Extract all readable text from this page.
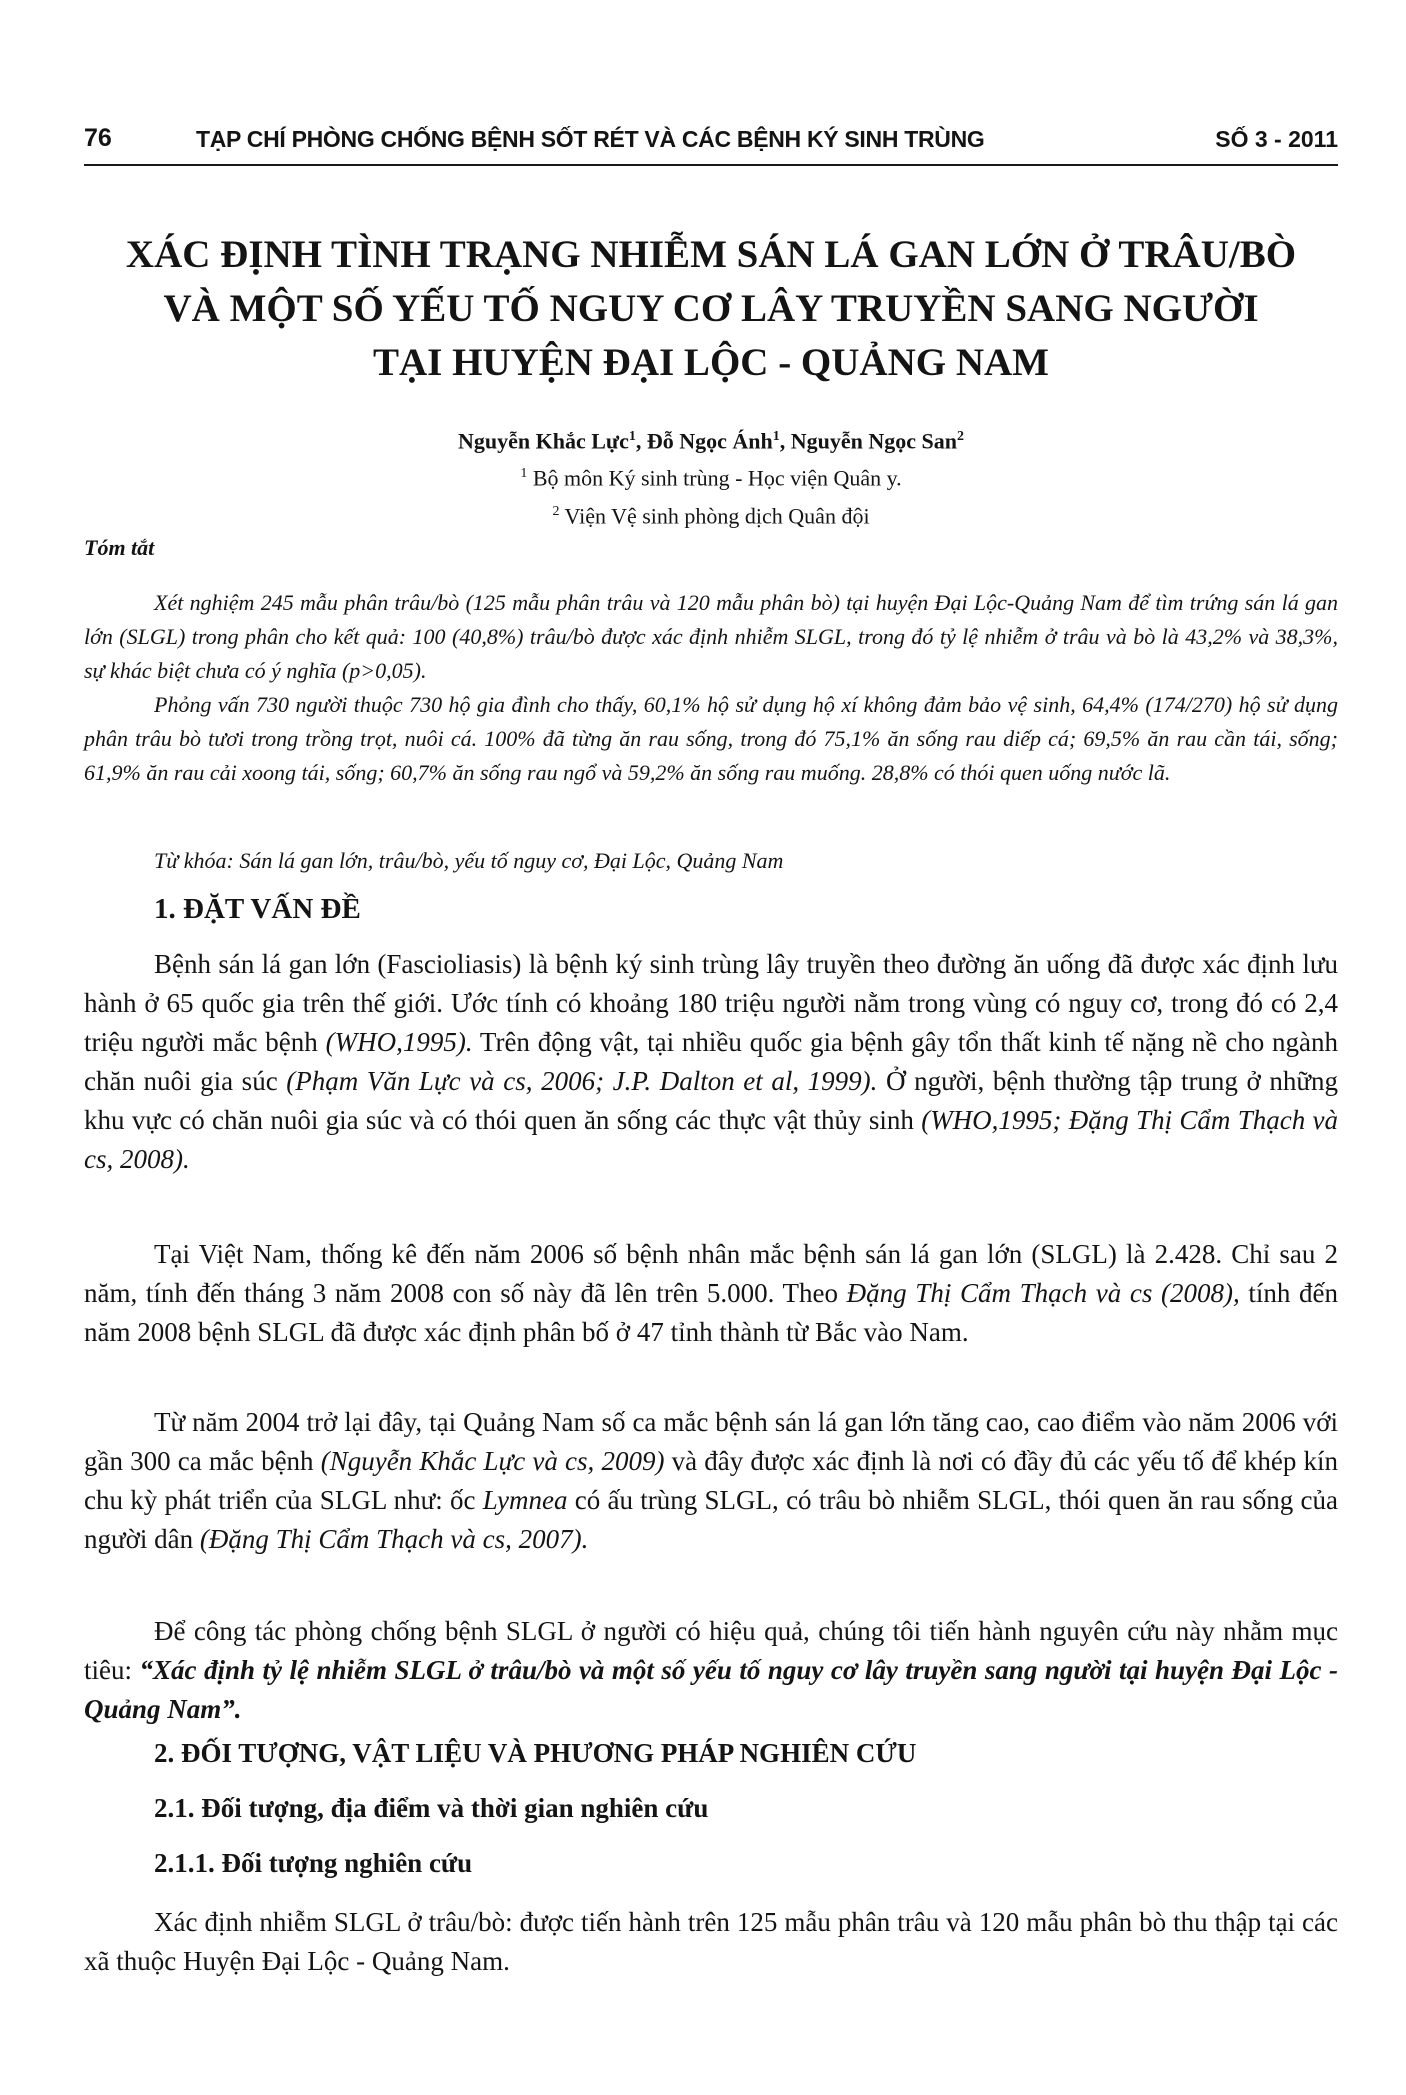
76	TẠP CHÍ PHÒNG CHỐNG BỆNH SỐT RÉT VÀ CÁC BỆNH KÝ SINH TRÙNG	SỐ 3 - 2011
XÁC ĐỊNH TÌNH TRẠNG NHIỄM SÁN LÁ GAN LỚN Ở TRÂU/BÒ
VÀ MỘT SỐ YẾU TỐ NGUY CƠ LÂY TRUYỀN SANG NGƯỜI
TẠI HUYỆN ĐẠI LỘC - QUẢNG NAM
Nguyễn Khắc Lực$^1$, Đỗ Ngọc Ánh$^1$, Nguyễn Ngọc San$^2$
$^1$ Bộ môn Ký sinh trùng - Học viện Quân y.
$^2$ Viện Vệ sinh phòng dịch Quân đội
Tóm tắt

Xét nghiệm 245 mẫu phân trâu/bò (125 mẫu phân trâu và 120 mẫu phân bò) tại huyện Đại Lộc-Quảng Nam để tìm trứng sán lá gan lớn (SLGL) trong phân cho kết quả: 100 (40,8%) trâu/bò được xác định nhiễm SLGL, trong đó tỷ lệ nhiễm ở trâu và bò là 43,2% và 38,3%, sự khác biệt chưa có ý nghĩa (p>0,05).

Phỏng vấn 730 người thuộc 730 hộ gia đình cho thấy, 60,1% hộ sử dụng hộ xí không đảm bảo vệ sinh, 64,4% (174/270) hộ sử dụng phân trâu bò tươi trong trồng trọt, nuôi cá. 100% đã từng ăn rau sống, trong đó 75,1% ăn sống rau diếp cá; 69,5% ăn rau cần tái, sống; 61,9% ăn rau cải xoong tái, sống; 60,7% ăn sống rau ngổ và 59,2% ăn sống rau muống. 28,8% có thói quen uống nước lã.

Từ khóa: Sán lá gan lớn, trâu/bò, yếu tố nguy cơ, Đại Lộc, Quảng Nam
1. ĐẶT VẤN ĐỀ

Bệnh sán lá gan lớn (Fascioliasis) là bệnh ký sinh trùng lây truyền theo đường ăn uống đã được xác định lưu hành ở 65 quốc gia trên thế giới. Ước tính có khoảng 180 triệu người nằm trong vùng có nguy cơ, trong đó có 2,4 triệu người mắc bệnh (WHO,1995). Trên động vật, tại nhiều quốc gia bệnh gây tổn thất kinh tế nặng nề cho ngành chăn nuôi gia súc (Phạm Văn Lực và cs, 2006; J.P. Dalton et al, 1999). Ở người, bệnh thường tập trung ở những khu vực có chăn nuôi gia súc và có thói quen ăn sống các thực vật thủy sinh (WHO,1995; Đặng Thị Cẩm Thạch và cs, 2008).

Tại Việt Nam, thống kê đến năm 2006 số bệnh nhân mắc bệnh sán lá gan lớn (SLGL) là 2.428. Chỉ sau 2 năm, tính đến tháng 3 năm 2008 con số này đã lên trên 5.000. Theo Đặng Thị Cẩm Thạch và cs (2008), tính đến năm 2008 bệnh SLGL đã được xác định phân bố ở 47 tỉnh thành từ Bắc vào Nam.

Từ năm 2004 trở lại đây, tại Quảng Nam số ca mắc bệnh sán lá gan lớn tăng cao, cao điểm vào năm 2006 với gần 300 ca mắc bệnh (Nguyễn Khắc Lực và cs, 2009) và đây được xác định là nơi có đầy đủ các yếu tố để khép kín chu kỳ phát triển của SLGL như: ốc Lymnea có ấu trùng SLGL, có trâu bò nhiễm SLGL, thói quen ăn rau sống của người dân (Đặng Thị Cẩm Thạch và cs, 2007).

Để công tác phòng chống bệnh SLGL ở người có hiệu quả, chúng tôi tiến hành nguyên cứu này nhằm mục tiêu: “Xác định tỷ lệ nhiễm SLGL ở trâu/bò và một số yếu tố nguy cơ lây truyền sang người tại huyện Đại Lộc - Quảng Nam”.

2. ĐỐI TƯỢNG, VẬT LIỆU VÀ PHƯƠNG PHÁP NGHIÊN CỨU
2.1. Đối tượng, địa điểm và thời gian nghiên cứu
2.1.1. Đối tượng nghiên cứu

Xác định nhiễm SLGL ở trâu/bò: được tiến hành trên 125 mẫu phân trâu và 120 mẫu phân bò thu thập tại các xã thuộc Huyện Đại Lộc - Quảng Nam.
